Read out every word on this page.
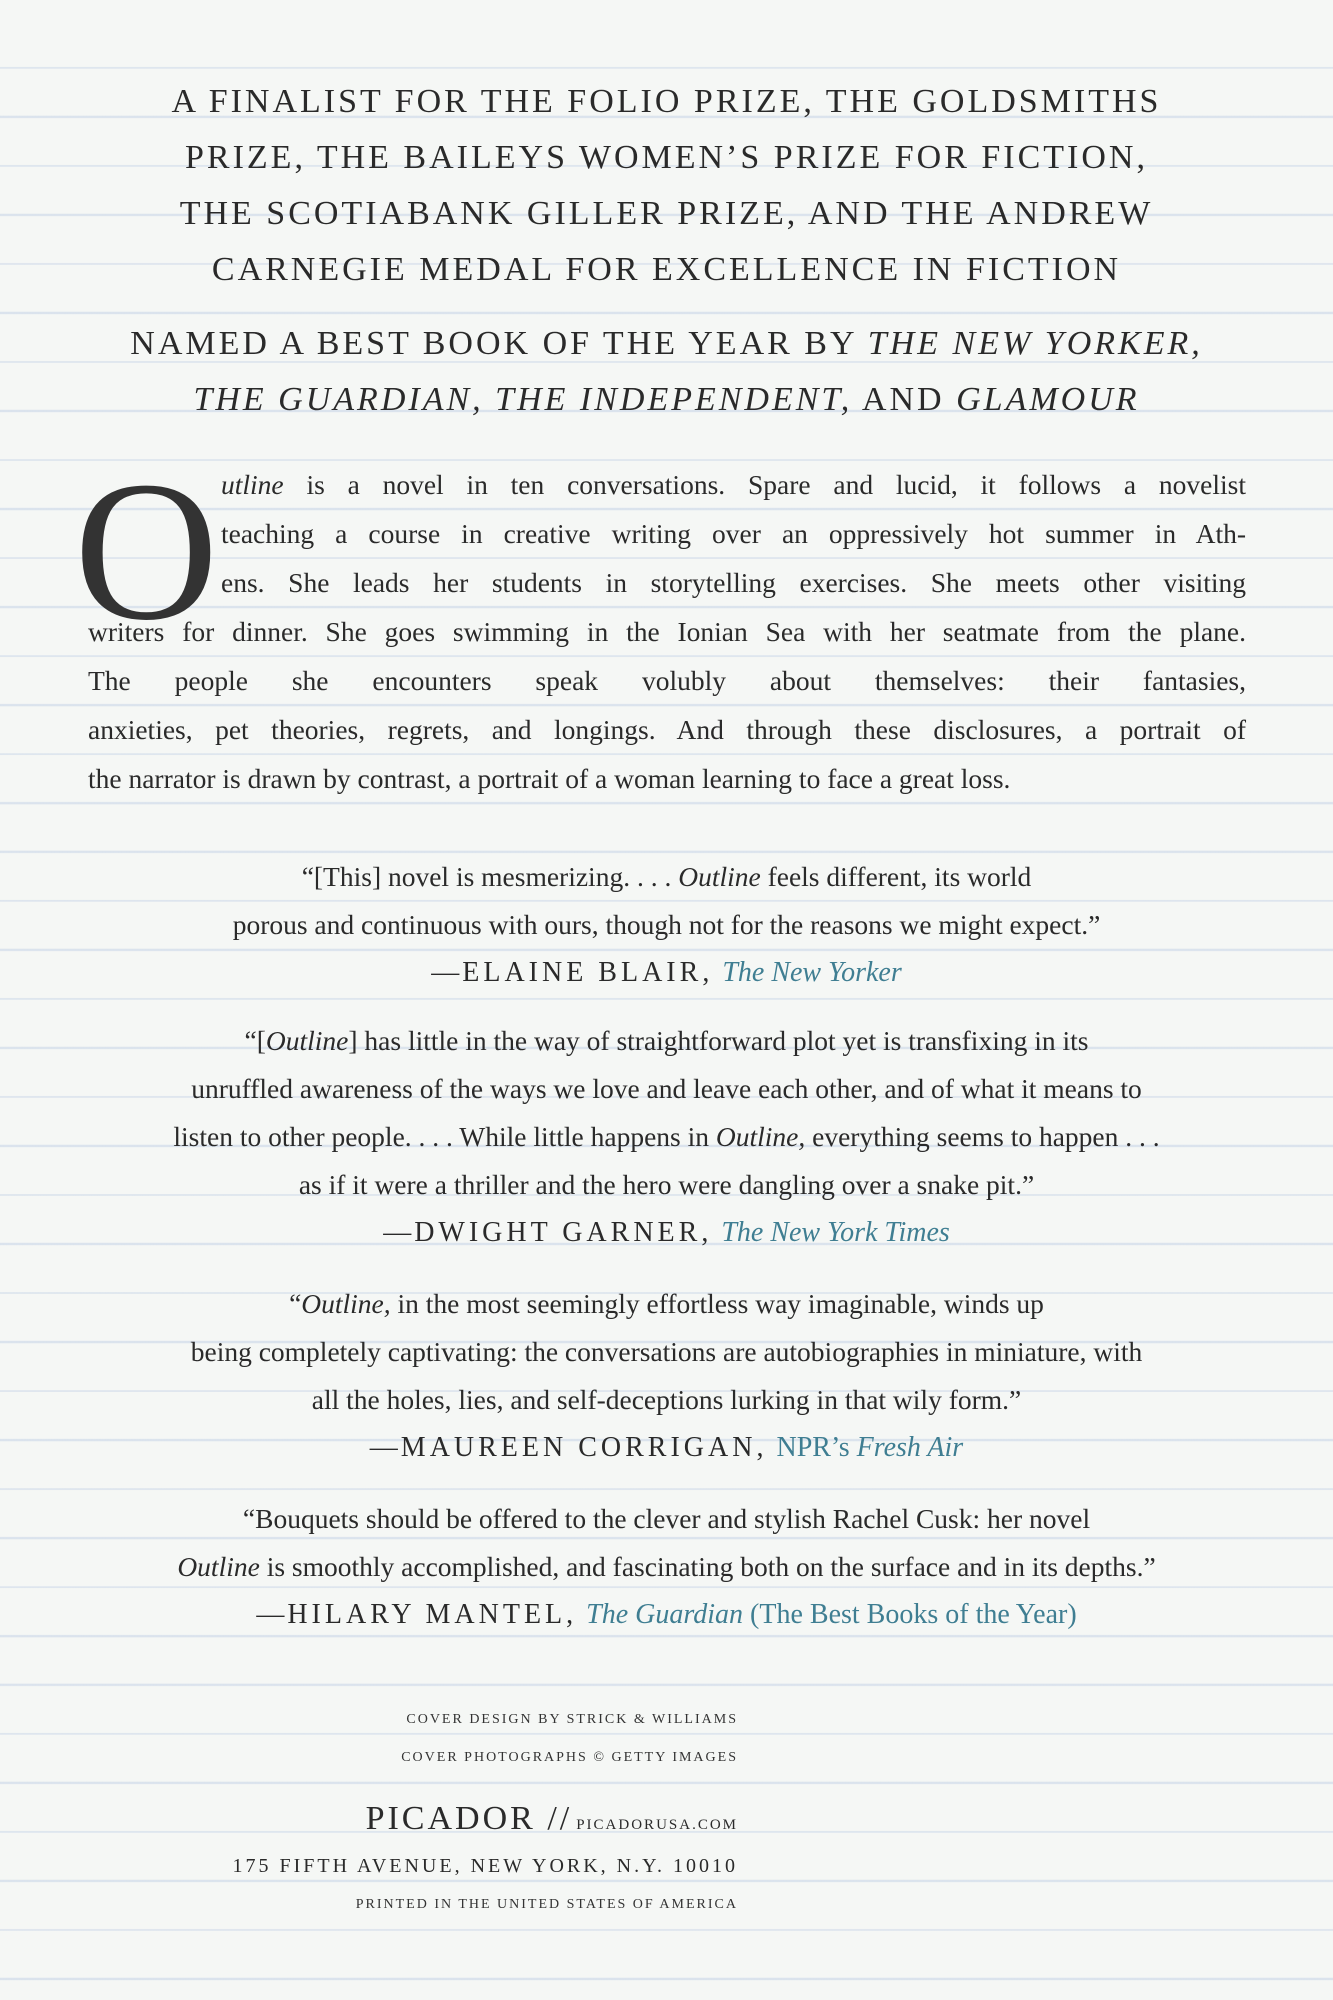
A FINALIST FOR THE FOLIO PRIZE, THE GOLDSMITHS
PRIZE, THE BAILEYS WOMEN’S PRIZE FOR FICTION,
THE SCOTIABANK GILLER PRIZE, AND THE ANDREW
CARNEGIE MEDAL FOR EXCELLENCE IN FICTION
NAMED A BEST BOOK OF THE YEAR BY THE NEW YORKER,
THE GUARDIAN, THE INDEPENDENT, AND GLAMOUR
O utline is a novel in ten conversations. Spare and lucid, it follows a novelist
teaching a course in creative writing over an oppressively hot summer in Ath-
ens. She leads her students in storytelling exercises. She meets other visiting
writers for dinner. She goes swimming in the Ionian Sea with her seatmate from the plane.
The people she encounters speak volubly about themselves: their fantasies,
anxieties, pet theories, regrets, and longings. And through these disclosures, a portrait of
the narrator is drawn by contrast, a portrait of a woman learning to face a great loss.
“[This] novel is mesmerizing. . . . Outline feels different, its world
porous and continuous with ours, though not for the reasons we might expect.”
—ELAINE BLAIR, The New Yorker
“[Outline] has little in the way of straightforward plot yet is transfixing in its
unruffled awareness of the ways we love and leave each other, and of what it means to
listen to other people. . . . While little happens in Outline, everything seems to happen . . .
as if it were a thriller and the hero were dangling over a snake pit.”
—DWIGHT GARNER, The New York Times
“Outline, in the most seemingly effortless way imaginable, winds up
being completely captivating: the conversations are autobiographies in miniature, with
all the holes, lies, and self-deceptions lurking in that wily form.”
—MAUREEN CORRIGAN, NPR’s Fresh Air
“Bouquets should be offered to the clever and stylish Rachel Cusk: her novel
Outline is smoothly accomplished, and fascinating both on the surface and in its depths.”
—HILARY MANTEL, The Guardian (The Best Books of the Year)
COVER DESIGN BY STRICK & WILLIAMS
COVER PHOTOGRAPHS © GETTY IMAGES
PICADOR // PICADORUSA.COM
175 FIFTH AVENUE, NEW YORK, N.Y. 10010
PRINTED IN THE UNITED STATES OF AMERICA
